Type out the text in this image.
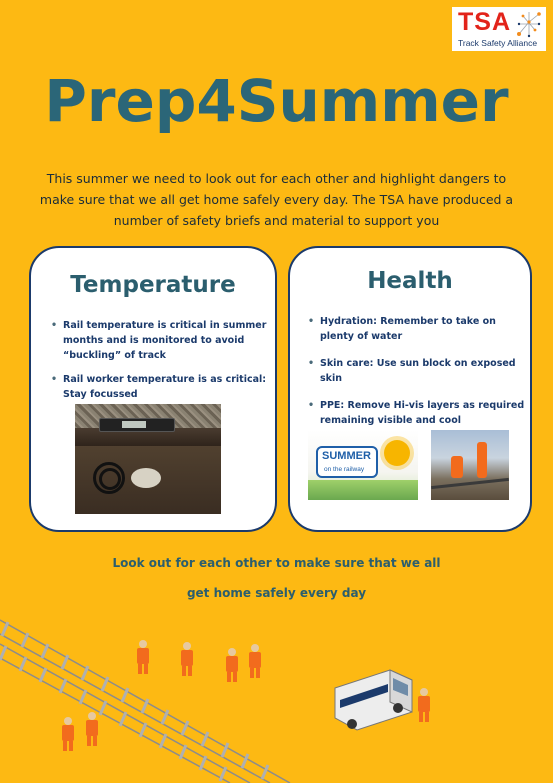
TSA
Track Safety Alliance
Prep4Summer

This summer we need to look out for each other and highlight dangers to make sure that we all get home safely every day. The TSA have produced a number of safety briefs and material to support you

Temperature
• Rail temperature is critical in summer months and is monitored to avoid “buckling” of track
• Rail worker temperature is as critical: Stay focussed
Health
• Hydration: Remember to take on plenty of water
• Skin care: Use sun block on exposed skin
• PPE: Remove Hi-vis layers as required remaining visible and cool
SUMMER
on the railway

Look out for each other to make sure that we all

get home safely every day
